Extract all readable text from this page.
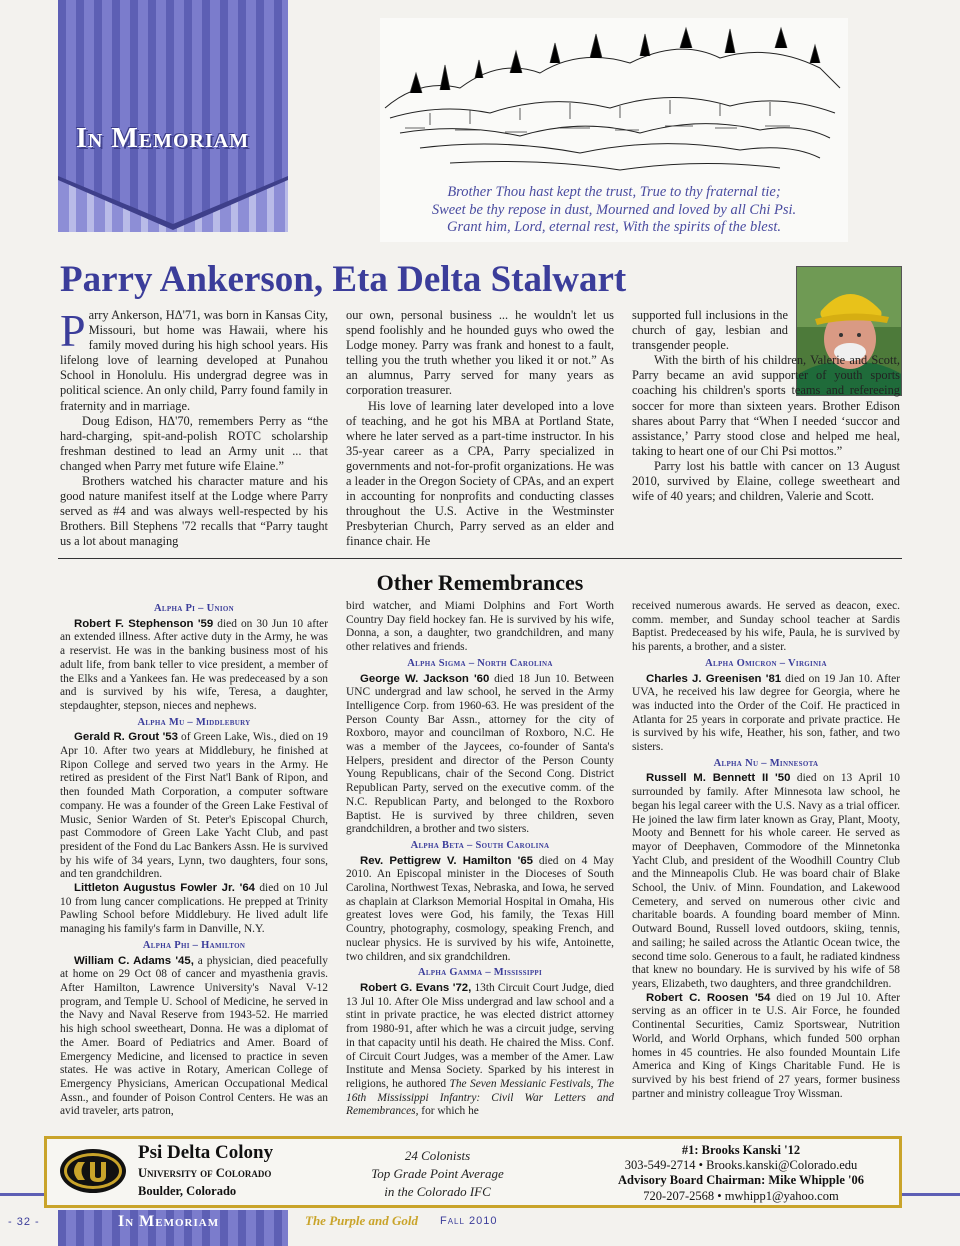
In Memoriam
Brother Thou hast kept the trust, True to thy fraternal tie;
Sweet be thy repose in dust, Mourned and loved by all Chi Psi.
Grant him, Lord, eternal rest, With the spirits of the blest.
Parry Ankerson, Eta Delta Stalwart

Parry Ankerson, HΔ'71, was born in Kansas City, Missouri, but home was Hawaii, where his family moved during his high school years. His lifelong love of learning developed at Punahou School in Honolulu. His undergrad degree was in political science. An only child, Parry found family in fraternity and in marriage.

Doug Edison, HΔ'70, remembers Perry as “the hard-charging, spit-and-polish ROTC scholarship freshman destined to lead an Army unit ... that changed when Parry met future wife Elaine.”

Brothers watched his character mature and his good nature manifest itself at the Lodge where Parry served as #4 and was always well-respected by his Brothers. Bill Stephens '72 recalls that “Parry taught us a lot about managing

our own, personal business ... he wouldn't let us spend foolishly and he hounded guys who owed the Lodge money. Parry was frank and honest to a fault, telling you the truth whether you liked it or not.” As an alumnus, Parry served for many years as corporation treasurer.

His love of learning later developed into a love of teaching, and he got his MBA at Portland State, where he later served as a part-time instructor. In his 35-year career as a CPA, Parry specialized in governments and not-for-profit organizations. He was a leader in the Oregon Society of CPAs, and an expert in accounting for nonprofits and conducting classes throughout the U.S. Active in the Westminster Presbyterian Church, Parry served as an elder and finance chair. He

supported full inclusions in the church of gay, lesbian and transgender people.

With the birth of his children, Valerie and Scott, Parry became an avid supporter of youth sports coaching his children's sports teams and refereeing soccer for more than sixteen years. Brother Edison shares about Parry that “When I needed ‘succor and assistance,’ Parry stood close and helped me heal, taking to heart one of our Chi Psi mottos.”

Parry lost his battle with cancer on 13 August 2010, survived by Elaine, college sweetheart and wife of 40 years; and children, Valerie and Scott.

Other Remembrances
Alpha Pi – Union

Robert F. Stephenson '59 died on 30 Jun 10 after an extended illness. After active duty in the Army, he was a reservist. He was in the banking business most of his adult life, from bank teller to vice president, a member of the Elks and a Yankees fan. He was predeceased by a son and is survived by his wife, Teresa, a daughter, stepdaughter, stepson, nieces and nephews.

Alpha Mu – Middlebury

Gerald R. Grout '53 of Green Lake, Wis., died on 19 Apr 10. After two years at Middlebury, he finished at Ripon College and served two years in the Army. He retired as president of the First Nat'l Bank of Ripon, and then founded Math Corporation, a computer software company. He was a founder of the Green Lake Festival of Music, Senior Warden of St. Peter's Episcopal Church, past Commodore of Green Lake Yacht Club, and past president of the Fond du Lac Bankers Assn. He is survived by his wife of 34 years, Lynn, two daughters, four sons, and ten grandchildren.

Littleton Augustus Fowler Jr. '64 died on 10 Jul 10 from lung cancer complications. He prepped at Trinity Pawling School before Middlebury. He lived adult life managing his family's farm in Danville, N.Y.

Alpha Phi – Hamilton

William C. Adams '45, a physician, died peacefully at home on 29 Oct 08 of cancer and myasthenia gravis. After Hamilton, Lawrence University's Naval V-12 program, and Temple U. School of Medicine, he served in the Navy and Naval Reserve from 1943-52. He married his high school sweetheart, Donna. He was a diplomat of the Amer. Board of Pediatrics and Amer. Board of Emergency Medicine, and licensed to practice in seven states. He was active in Rotary, American College of Emergency Physicians, American Occupational Medical Assn., and founder of Poison Control Centers. He was an avid traveler, arts patron,

bird watcher, and Miami Dolphins and Fort Worth Country Day field hockey fan. He is survived by his wife, Donna, a son, a daughter, two grandchildren, and many other relatives and friends.

Alpha Sigma – North Carolina

George W. Jackson '60 died 18 Jun 10. Between UNC undergrad and law school, he served in the Army Intelligence Corp. from 1960-63. He was president of the Person County Bar Assn., attorney for the city of Roxboro, mayor and councilman of Roxboro, N.C. He was a member of the Jaycees, co-founder of Santa's Helpers, president and director of the Person County Young Republicans, chair of the Second Cong. District Republican Party, served on the executive comm. of the N.C. Republican Party, and belonged to the Roxboro Baptist. He is survived by three children, seven grandchildren, a brother and two sisters.

Alpha Beta – South Carolina

Rev. Pettigrew V. Hamilton '65 died on 4 May 2010. An Episcopal minister in the Dioceses of South Carolina, Northwest Texas, Nebraska, and Iowa, he served as chaplain at Clarkson Memorial Hospital in Omaha, His greatest loves were God, his family, the Texas Hill Country, photography, cosmology, speaking French, and nuclear physics. He is survived by his wife, Antoinette, two children, and six grandchildren.

Alpha Gamma – Mississippi

Robert G. Evans '72, 13th Circuit Court Judge, died 13 Jul 10. After Ole Miss undergrad and law school and a stint in private practice, he was elected district attorney from 1980-91, after which he was a circuit judge, serving in that capacity until his death. He chaired the Miss. Conf. of Circuit Court Judges, was a member of the Amer. Law Institute and Mensa Society. Sparked by his interest in religions, he authored The Seven Messianic Festivals, The 16th Mississippi Infantry: Civil War Letters and Remembrances, for which he

received numerous awards. He served as deacon, exec. comm. member, and Sunday school teacher at Sardis Baptist. Predeceased by his wife, Paula, he is survived by his parents, a brother, and a sister.

Alpha Omicron – Virginia

Charles J. Greenisen '81 died on 19 Jan 10. After UVA, he received his law degree for Georgia, where he was inducted into the Order of the Coif. He practiced in Atlanta for 25 years in corporate and private practice. He is survived by his wife, Heather, his son, father, and two sisters.

Alpha Nu – Minnesota

Russell M. Bennett II '50 died on 13 April 10 surrounded by family. After Minnesota law school, he began his legal career with the U.S. Navy as a trial officer. He joined the law firm later known as Gray, Plant, Mooty, Mooty and Bennett for his whole career. He served as mayor of Deephaven, Commodore of the Minnetonka Yacht Club, and president of the Woodhill Country Club and the Minneapolis Club. He was board chair of Blake School, the Univ. of Minn. Foundation, and Lakewood Cemetery, and served on numerous other civic and charitable boards. A founding board member of Minn. Outward Bound, Russell loved outdoors, skiing, tennis, and sailing; he sailed across the Atlantic Ocean twice, the second time solo. Generous to a fault, he radiated kindness that knew no boundary. He is survived by his wife of 58 years, Elizabeth, two daughters, and three grandchildren.

Robert C. Roosen '54 died on 19 Jul 10. After serving as an officer in te U.S. Air Force, he founded Continental Securities, Camiz Sportswear, Nutrition World, and World Orphans, which funded 500 orphan homes in 45 countries. He also founded Mountain Life America and King of Kings Charitable Fund. He is survived by his best friend of 27 years, former business partner and ministry colleague Troy Wissman.

Psi Delta Colony
University of Colorado
Boulder, Colorado
24 Colonists
Top Grade Point Average
in the Colorado IFC
#1: Brooks Kanski '12
303-549-2714 • Brooks.kanski@Colorado.edu
Advisory Board Chairman: Mike Whipple '06
720-207-2568 • mwhipp1@yahoo.com
In Memoriam
- 32 -	The Purple and Gold Fall 2010
